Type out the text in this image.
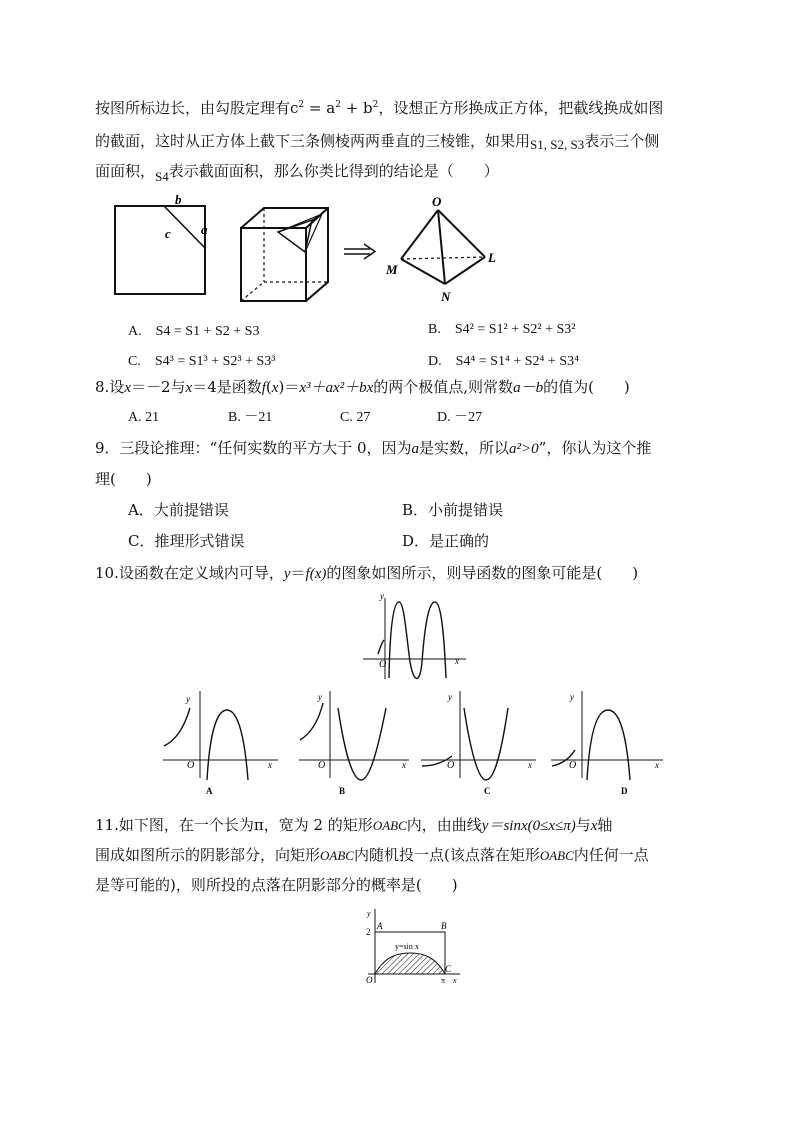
按图所标边长，由勾股定理有$c^2 = a^2 + b^2$，设想正方形换成正方体，把截线换成如图
的截面，这时从正方体上截下三条侧棱两两垂直的三棱锥，如果用S1, S2, S3表示三个侧
面面积，S4表示截面面积，那么你类比得到的结论是（　　）
b
c a
O
M
L
N
A.　S4 = S1 + S2 + S3	B.　S4² = S1² + S2² + S3²
C.　S4³ = S1³ + S2³ + S3³	D.　S4⁴ = S1⁴ + S2⁴ + S3⁴
8.设x＝－2与x＝4是函数f(x)＝x³＋ax²＋bx的两个极值点,则常数a－b的值为(　　)
A. 21	B. －21	C. 27	D. －27
9．三段论推理：“任何实数的平方大于 0，因为a是实数，所以a²>0”，你认为这个推
理(　　)
A．大前提错误	B．小前提错误
C．推理形式错误	D．是正确的
10.设函数在定义域内可导，y＝f(x)的图象如图所示，则导函数的图象可能是(　　)
y
x
O
y
x
O
A
y
x
O
B
y
x
O
C
y
x
O
D
11.如下图，在一个长为π，宽为 2 的矩形OABC内，由曲线y＝sinx(0≤x≤π)与x轴
围成如图所示的阴影部分，向矩形OABC内随机投一点(该点落在矩形OABC内任何一点
是等可能的)，则所投的点落在阴影部分的概率是(　　)
y
2
A	B
C
O	π x
y=sin x
